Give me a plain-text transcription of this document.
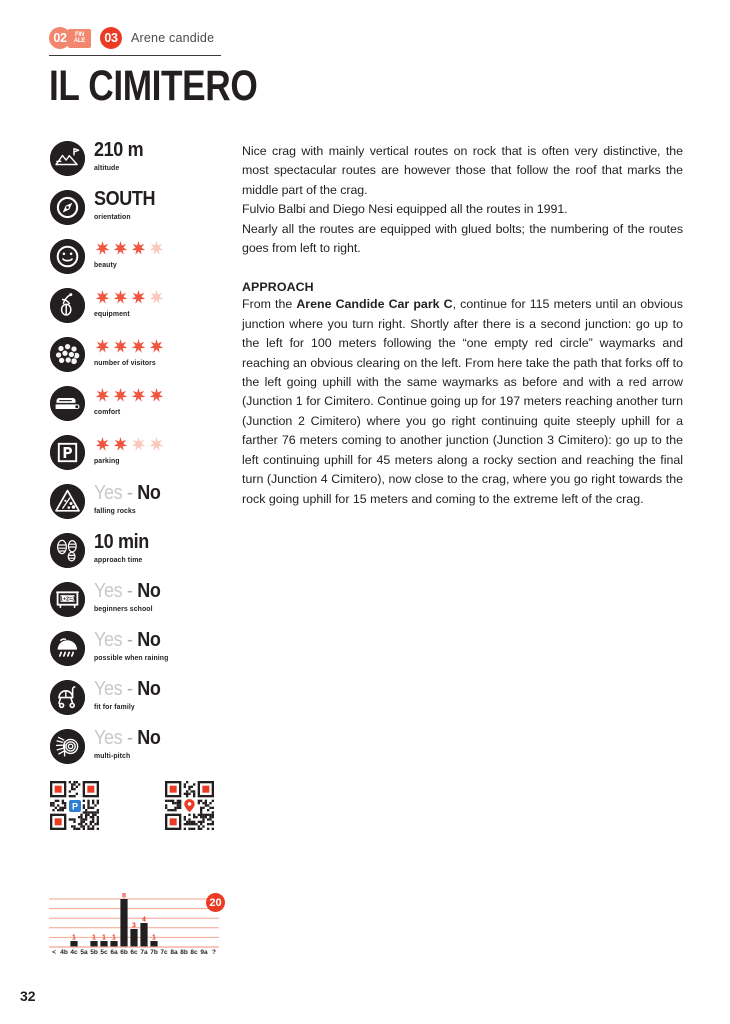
02	FIN
ALE	03	Arene candide
IL CIMITERO
210 m
altitude
SOUTH
orientation
beauty
equipment
number of visitors
comfort
parking
Yes - No
falling rocks
10 min
approach time
1+2=3 Yes - No
beginners school
Yes - No
possible when raining
Yes - No
fit for family
Yes - No
multi-pitch
P
20
1 1 1 1
8
3
4
1
< 4b 4c 5a 5b 5c 6a 6b 6c 7a 7b 7c 8a 8b 8c 9a ?
Nice crag with mainly vertical routes on rock that is often very distinctive, the most spectacular routes are however those that follow the roof that marks the middle part of the crag.
Fulvio Balbi and Diego Nesi equipped all the routes in 1991.
Nearly all the routes are equipped with glued bolts; the numbering of the routes goes from left to right.
APPROACH
From the Arene Candide Car park C, continue for 115 meters until an obvious junction where you turn right. Shortly after there is a second junction: go up to the left for 100 meters following the “one empty red circle” waymarks and reaching an obvious clearing on the left. From here take the path that forks off to the left going uphill with the same waymarks as before and with a red arrow (Junction 1 for Cimitero. Continue going up for 197 meters reaching another turn (Junction 2 Cimitero) where you go right continuing quite steeply uphill for a farther 76 meters coming to another junction (Junction 3 Cimitero): go up to the left continuing uphill for 45 meters along a rocky section and reaching the final turn (Junction 4 Cimitero), now close to the crag, where you go right towards the rock going uphill for 15 meters and coming to the extreme left of the crag.
32
